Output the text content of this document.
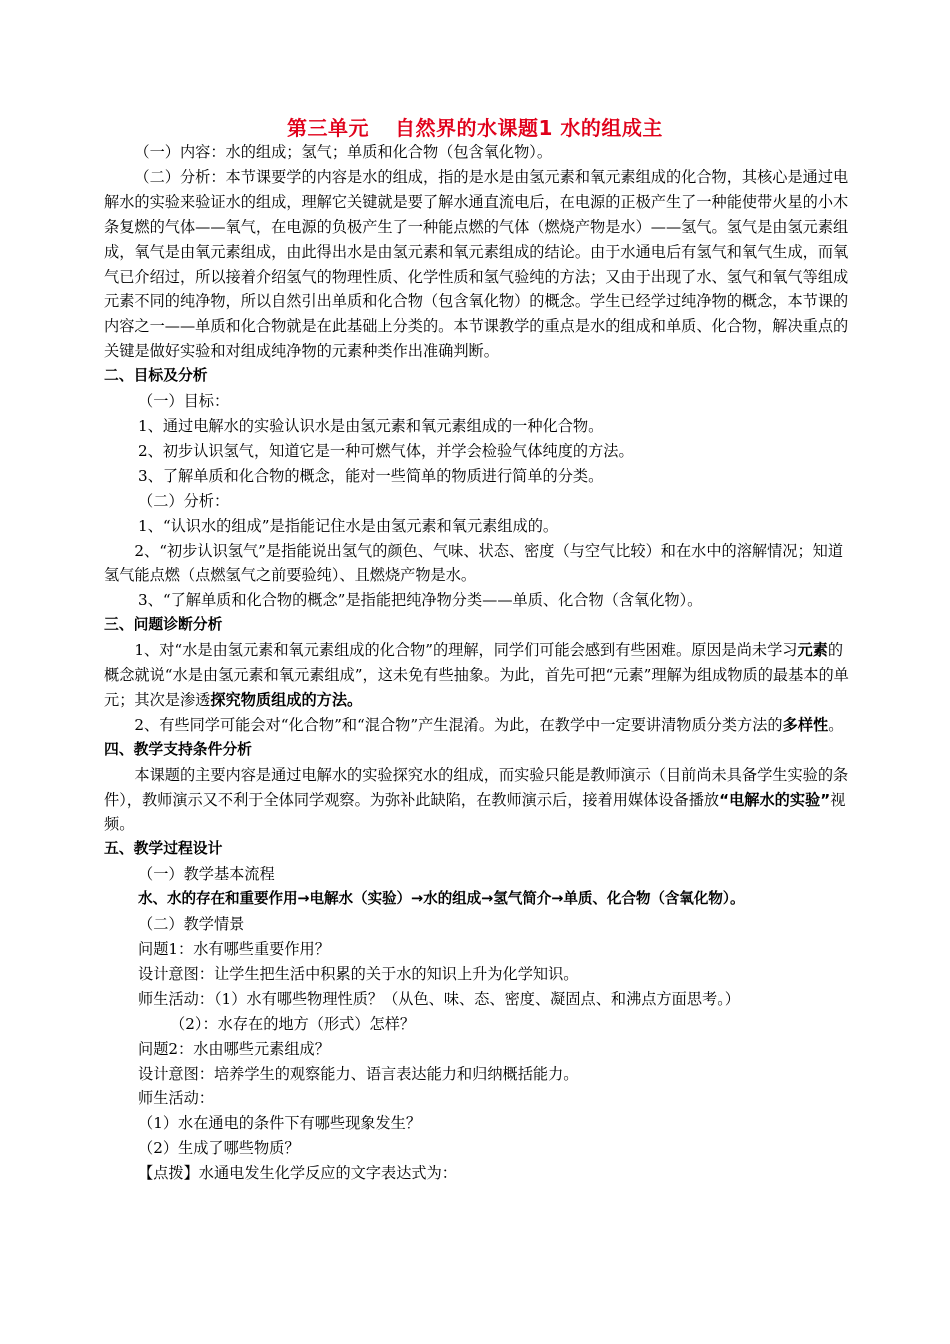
第三单元 自然界的水课题1 水的组成主

（一）内容：水的组成；氢气；单质和化合物（包含氧化物）。

（二）分析：本节课要学的内容是水的组成，指的是水是由氢元素和氧元素组成的化合物，其核心是通过电解水的实验来验证水的组成，理解它关键就是要了解水通直流电后，在电源的正极产生了一种能使带火星的小木条复燃的气体——氧气，在电源的负极产生了一种能点燃的气体（燃烧产物是水）——氢气。氢气是由氢元素组成，氧气是由氧元素组成，由此得出水是由氢元素和氧元素组成的结论。由于水通电后有氢气和氧气生成，而氧气已介绍过，所以接着介绍氢气的物理性质、化学性质和氢气验纯的方法；又由于出现了水、氢气和氧气等组成元素不同的纯净物，所以自然引出单质和化合物（包含氧化物）的概念。学生已经学过纯净物的概念，本节课的内容之一——单质和化合物就是在此基础上分类的。本节课教学的重点是水的组成和单质、化合物，解决重点的关键是做好实验和对组成纯净物的元素种类作出准确判断。

二、目标及分析

（一）目标：

1、通过电解水的实验认识水是由氢元素和氧元素组成的一种化合物。

2、初步认识氢气，知道它是一种可燃气体，并学会检验气体纯度的方法。

3、了解单质和化合物的概念，能对一些简单的物质进行简单的分类。

（二）分析：

1、“认识水的组成”是指能记住水是由氢元素和氧元素组成的。

2、“初步认识氢气”是指能说出氢气的颜色、气味、状态、密度（与空气比较）和在水中的溶解情况；知道氢气能点燃（点燃氢气之前要验纯）、且燃烧产物是水。

3、“了解单质和化合物的概念”是指能把纯净物分类——单质、化合物（含氧化物）。

三、问题诊断分析

1、对“水是由氢元素和氧元素组成的化合物”的理解，同学们可能会感到有些困难。原因是尚未学习元素的概念就说“水是由氢元素和氧元素组成”，这未免有些抽象。为此，首先可把“元素”理解为组成物质的最基本的单元；其次是渗透探究物质组成的方法。

2、有些同学可能会对“化合物”和“混合物”产生混淆。为此，在教学中一定要讲清物质分类方法的多样性。

四、教学支持条件分析

本课题的主要内容是通过电解水的实验探究水的组成，而实验只能是教师演示（目前尚未具备学生实验的条件），教师演示又不利于全体同学观察。为弥补此缺陷，在教师演示后，接着用媒体设备播放“电解水的实验”视频。

五、教学过程设计

（一）教学基本流程

水、水的存在和重要作用→电解水（实验）→水的组成→氢气简介→单质、化合物（含氧化物）。

（二）教学情景

问题1：水有哪些重要作用？

设计意图：让学生把生活中积累的关于水的知识上升为化学知识。

师生活动：（1）水有哪些物理性质？（从色、味、态、密度、凝固点、和沸点方面思考。）

（2）：水存在的地方（形式）怎样？

问题2：水由哪些元素组成？

设计意图：培养学生的观察能力、语言表达能力和归纳概括能力。

师生活动：

（1）水在通电的条件下有哪些现象发生？

（2）生成了哪些物质？

【点拨】水通电发生化学反应的文字表达式为：
